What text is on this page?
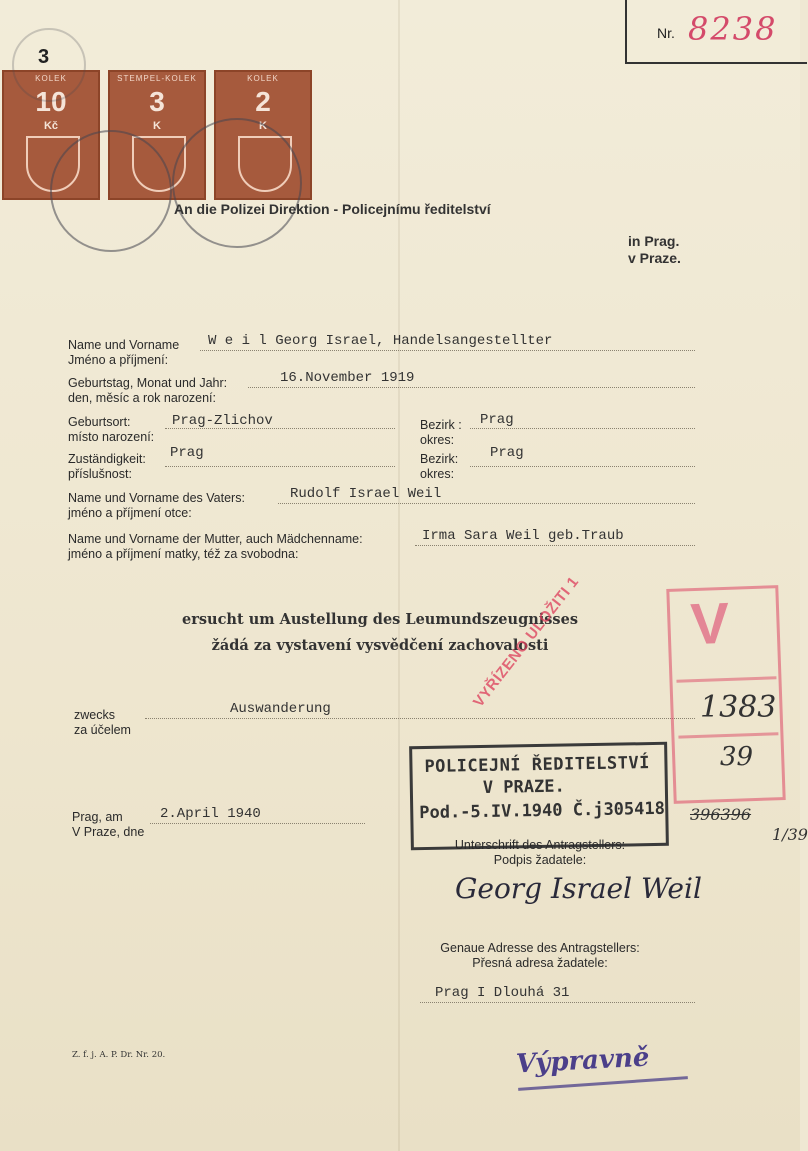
Nr. 8238
3
KOLEK
10
Kč
STEMPEL-KOLEK
3
K
KOLEK
2
K
An die Polizei Direktion - Policejnímu ředitelství
in Prag.
v Praze.
Name und Vorname
Jméno a příjmení:
W e i l Georg Israel, Handelsangestellter
Geburtstag, Monat und Jahr:
den, měsíc a rok narození:
16.November 1919
Geburtsort:
místo narození:
Prag-Zlichov	Bezirk :
okres:
Prag
Zuständigkeit:
příslušnost:
Prag	Bezirk:
okres:
Prag
Name und Vorname des Vaters:
jméno a příjmení otce:
Rudolf Israel Weil
Name und Vorname der Mutter, auch Mädchenname:
jméno a příjmení matky, též za svobodna:
Irma Sara Weil geb.Traub
ersucht um Austellung des Leumundszeugnisses
žádá za vystavení vysvědčení zachovalosti
zwecks
za účelem
Auswanderung
Prag, am
V Praze, dne
2.April 1940
POLICEJNÍ ŘEDITELSTVÍ
V PRAZE.
Pod.-5.IV.1940 Č.j305418
Unterschrift des Antragstellers:
Podpis žadatele:
Georg Israel Weil
Genaue Adresse des Antragstellers:
Přesná adresa žadatele:
Prag I Dlouhá 31
Z. f. j. A. P. Dr. Nr. 20.
V
1383
39
396396
1/39
VYŘÍZENO ULOŽITI 1
Výpravně
